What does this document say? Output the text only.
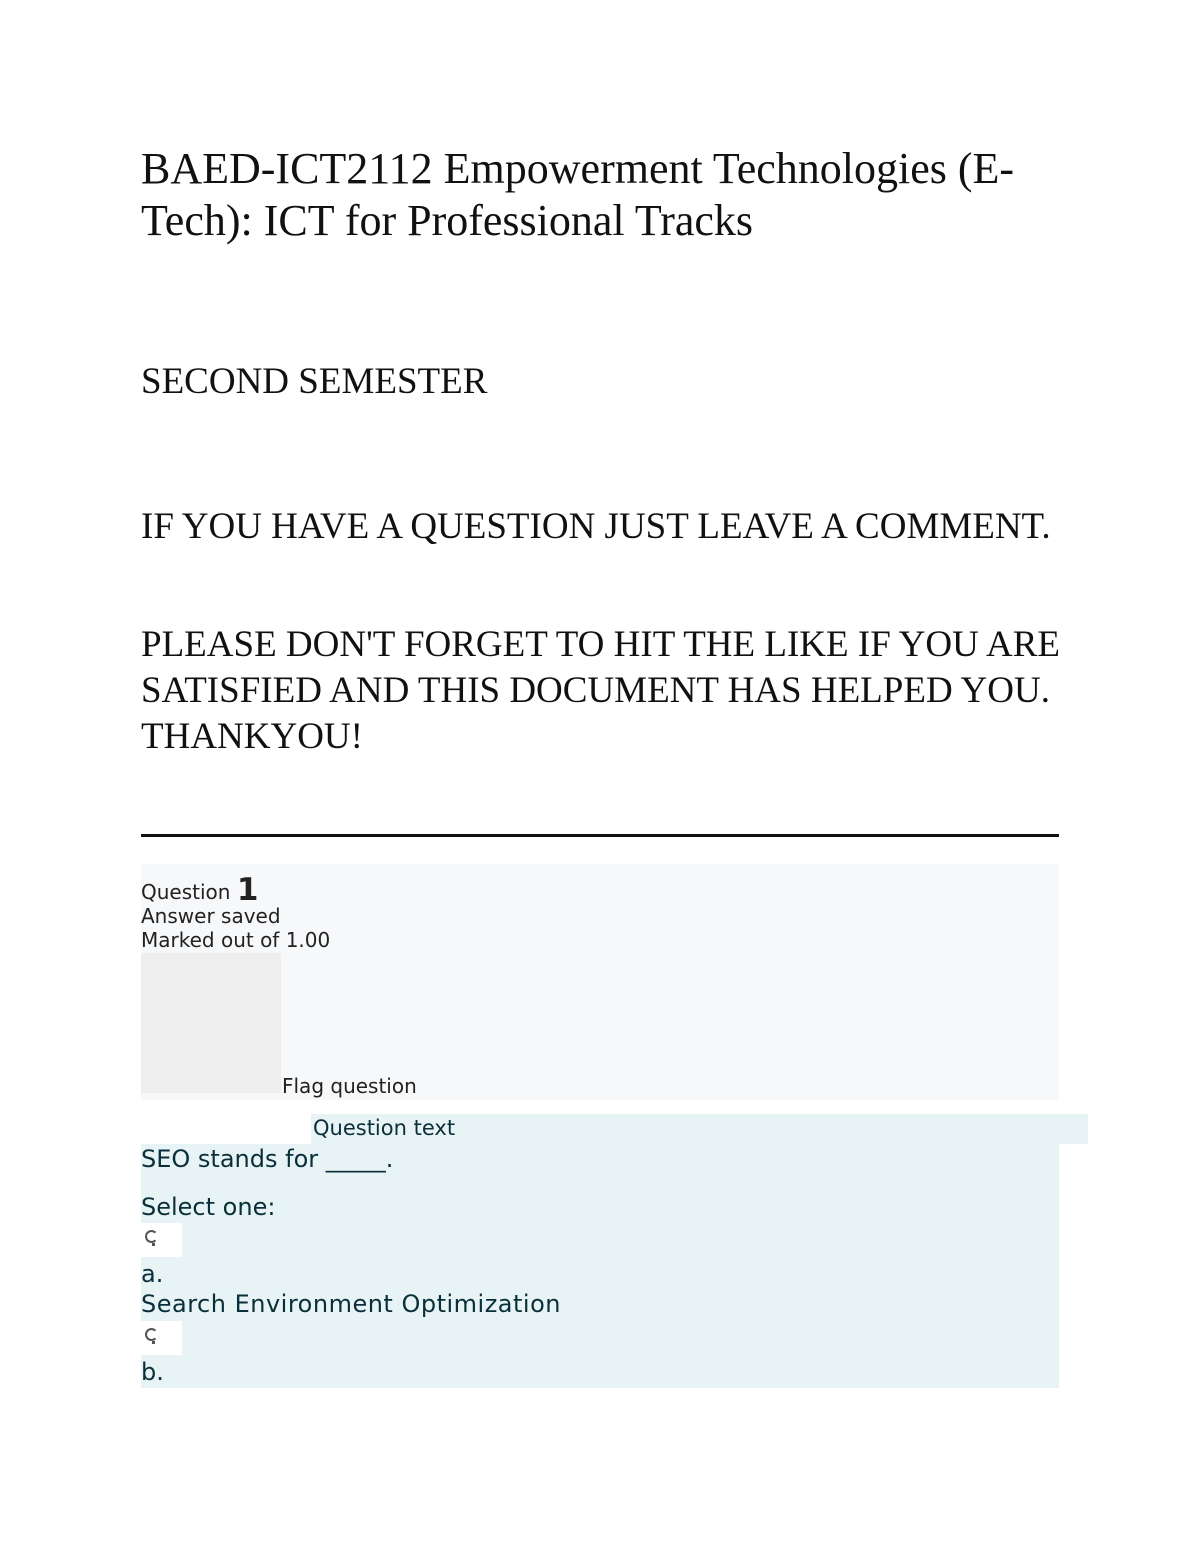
BAED-ICT2112 Empowerment Technologies (E-Tech): ICT for Professional Tracks
SECOND SEMESTER

IF YOU HAVE A QUESTION JUST LEAVE A COMMENT.

PLEASE DON'T FORGET TO HIT THE LIKE IF YOU ARE SATISFIED AND THIS DOCUMENT HAS HELPED YOU. THANKYOU!

Question 1
Answer saved
Marked out of 1.00
Flag question
Question text
SEO stands for _____.
Select one:
a.
Search Environment Optimization
b.
